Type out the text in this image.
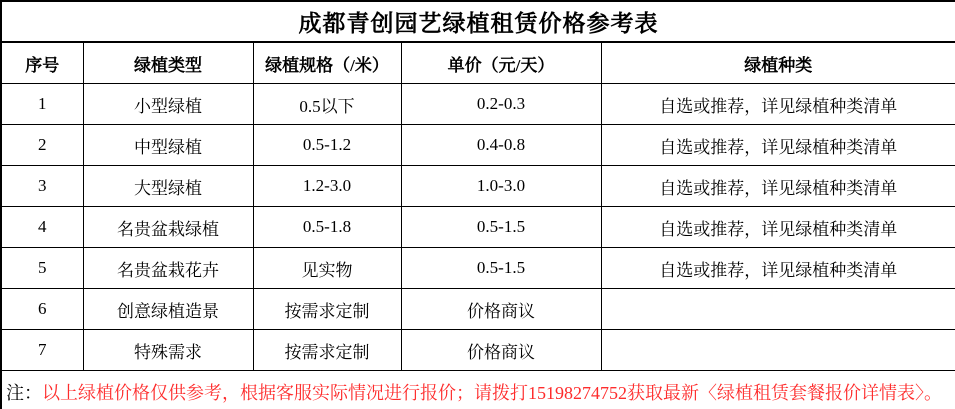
成都青创园艺绿植租赁价格参考表				
序号	绿植类型	绿植规格（/米）	单价（元/天）	绿植种类
1	小型绿植	0.5以下	0.2-0.3	自选或推荐，详见绿植种类清单
2	中型绿植	0.5-1.2	0.4-0.8	自选或推荐，详见绿植种类清单
3	大型绿植	1.2-3.0	1.0-3.0	自选或推荐，详见绿植种类清单
4	名贵盆栽绿植	0.5-1.8	0.5-1.5	自选或推荐，详见绿植种类清单
5	名贵盆栽花卉	见实物	0.5-1.5	自选或推荐，详见绿植种类清单
6	创意绿植造景	按需求定制	价格商议	
7	特殊需求	按需求定制	价格商议	
注：以上绿植价格仅供参考，根据客服实际情况进行报价；请拨打15198274752获取最新〈绿植租赁套餐报价详情表〉。				
